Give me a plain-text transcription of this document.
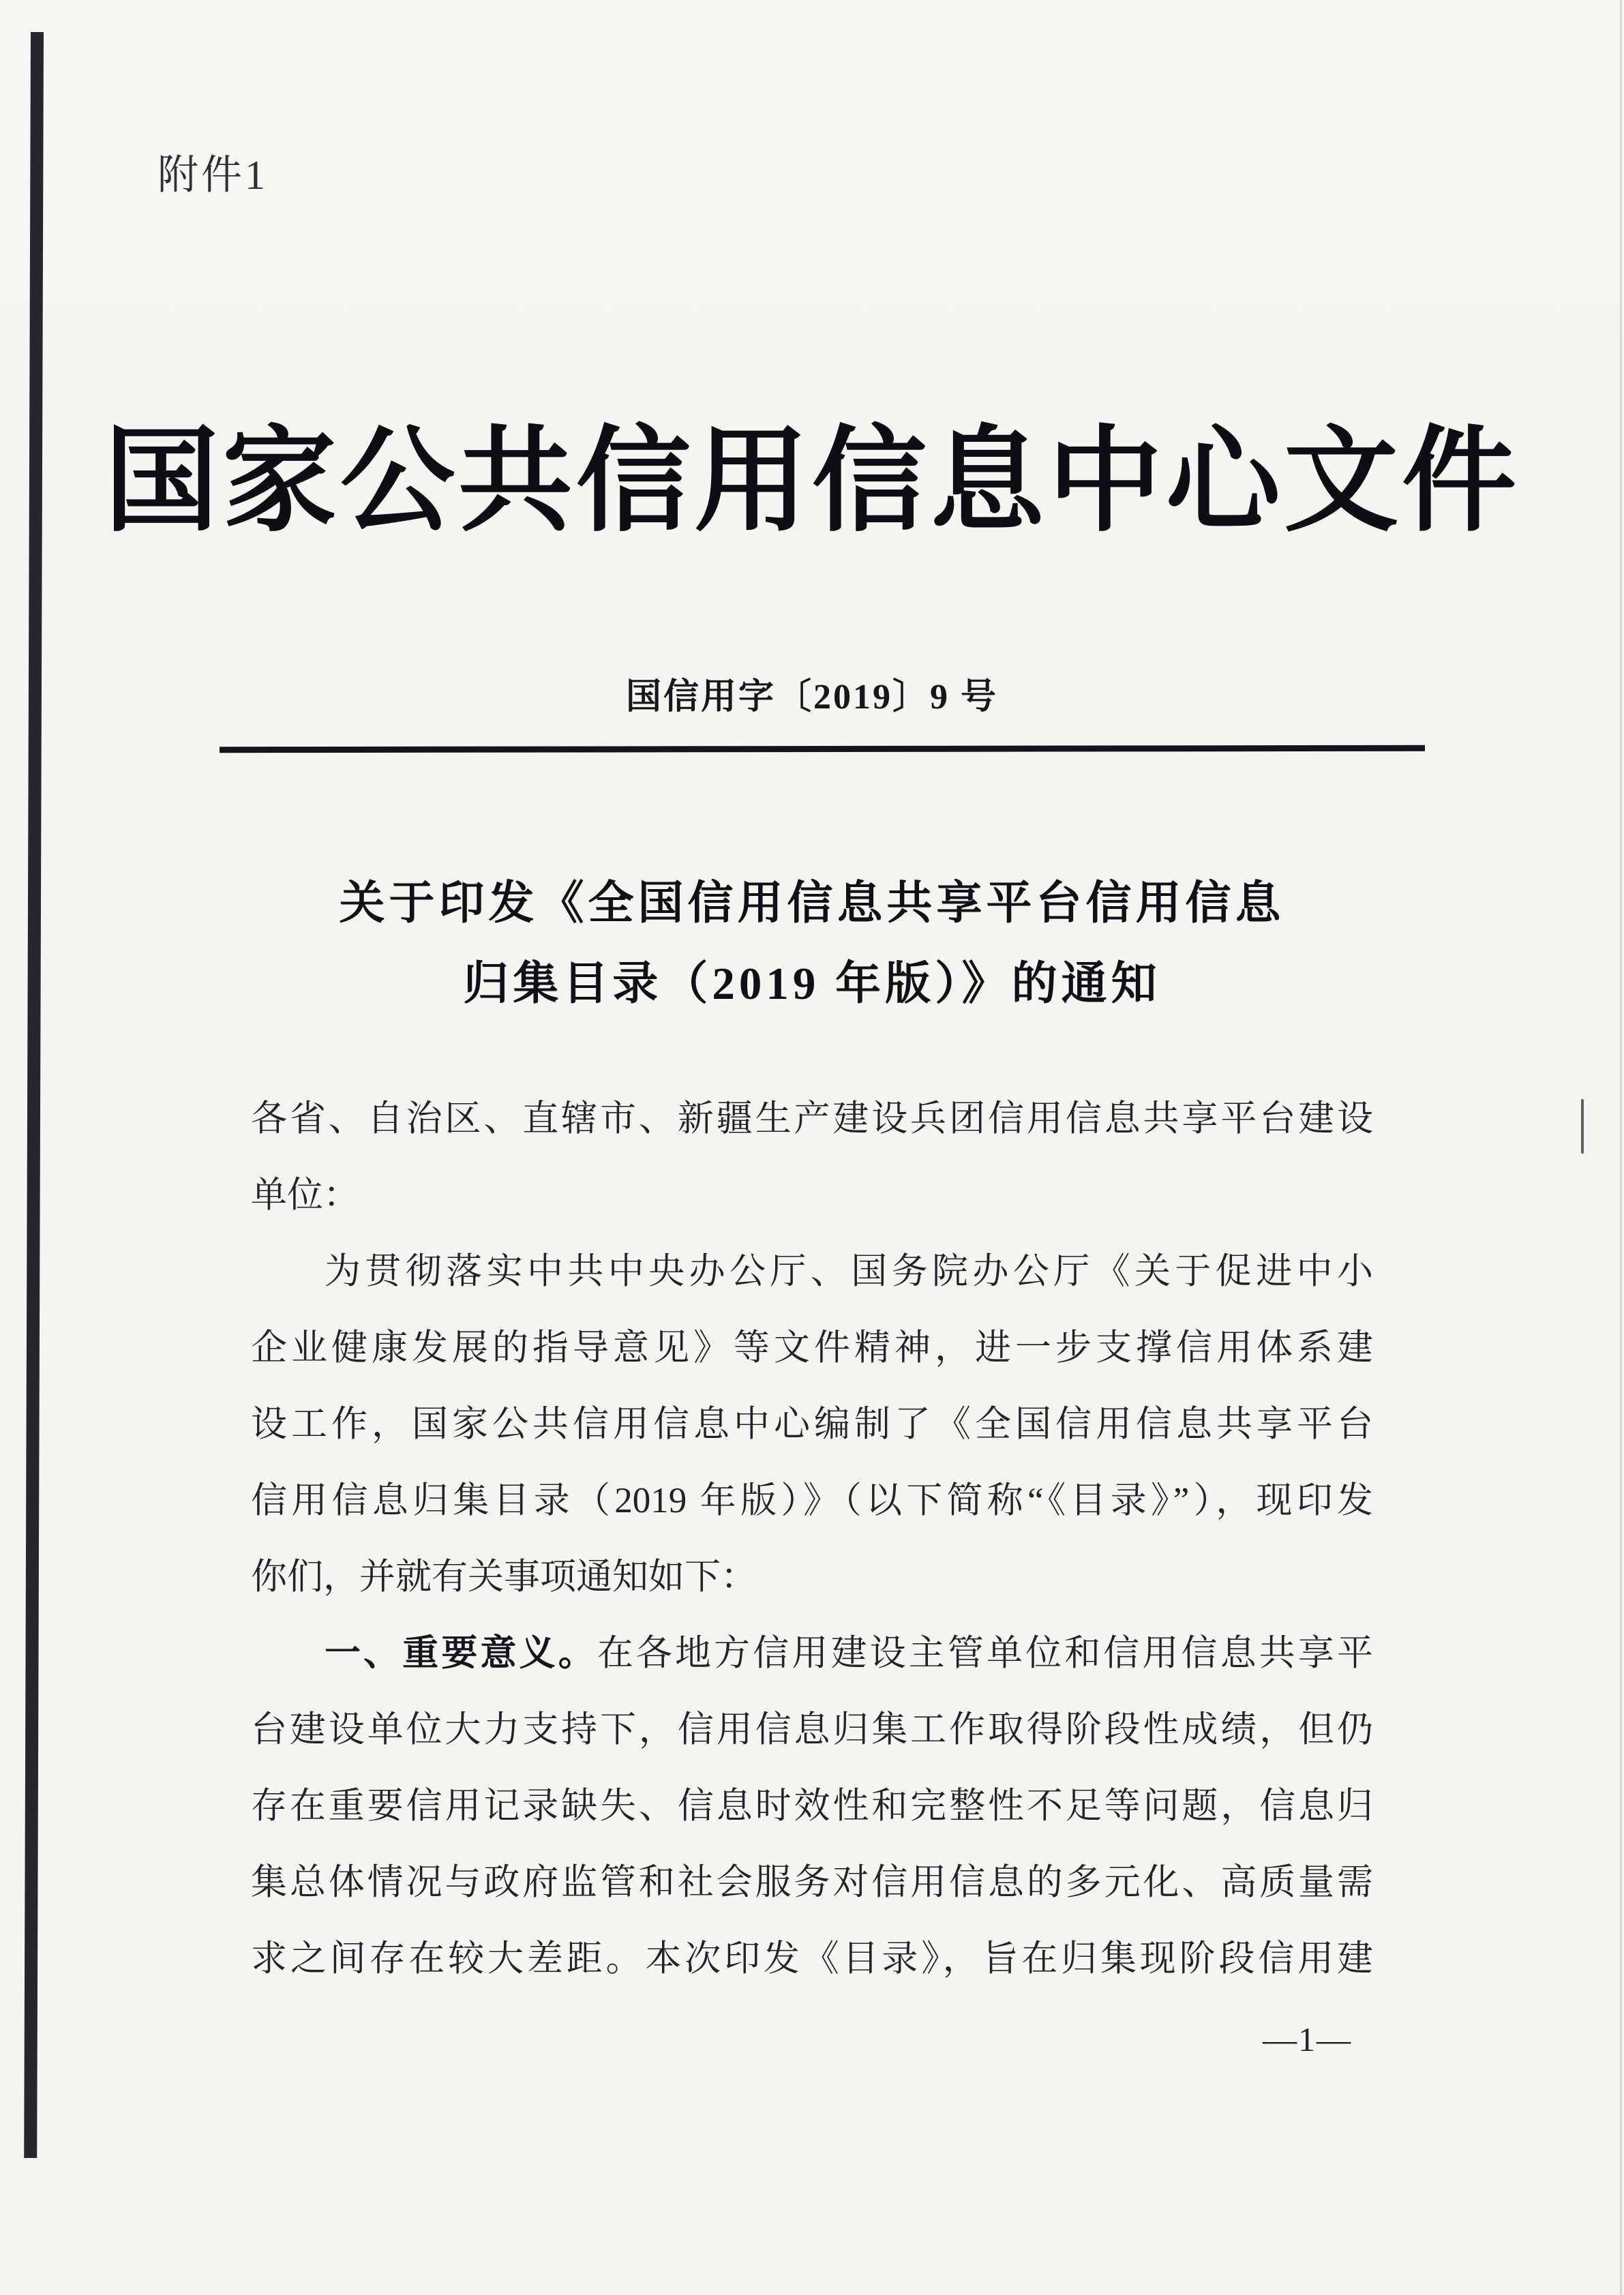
附件1
国家公共信用信息中心文件
国信用字〔2019〕9 号
关于印发《全国信用信息共享平台信用信息
归集目录（2019 年版）》的通知
各省、自治区、直辖市、新疆生产建设兵团信用信息共享平台建设
单位：
为贯彻落实中共中央办公厅、国务院办公厅《关于促进中小
企业健康发展的指导意见》等文件精神，进一步支撑信用体系建
设工作，国家公共信用信息中心编制了《全国信用信息共享平台
信用信息归集目录（2019 年版）》（以下简称“《目录》”），现印发
你们，并就有关事项通知如下：
一、重要意义。在各地方信用建设主管单位和信用信息共享平
台建设单位大力支持下，信用信息归集工作取得阶段性成绩，但仍
存在重要信用记录缺失、信息时效性和完整性不足等问题，信息归
集总体情况与政府监管和社会服务对信用信息的多元化、高质量需
求之间存在较大差距。本次印发《目录》，旨在归集现阶段信用建
—1—
